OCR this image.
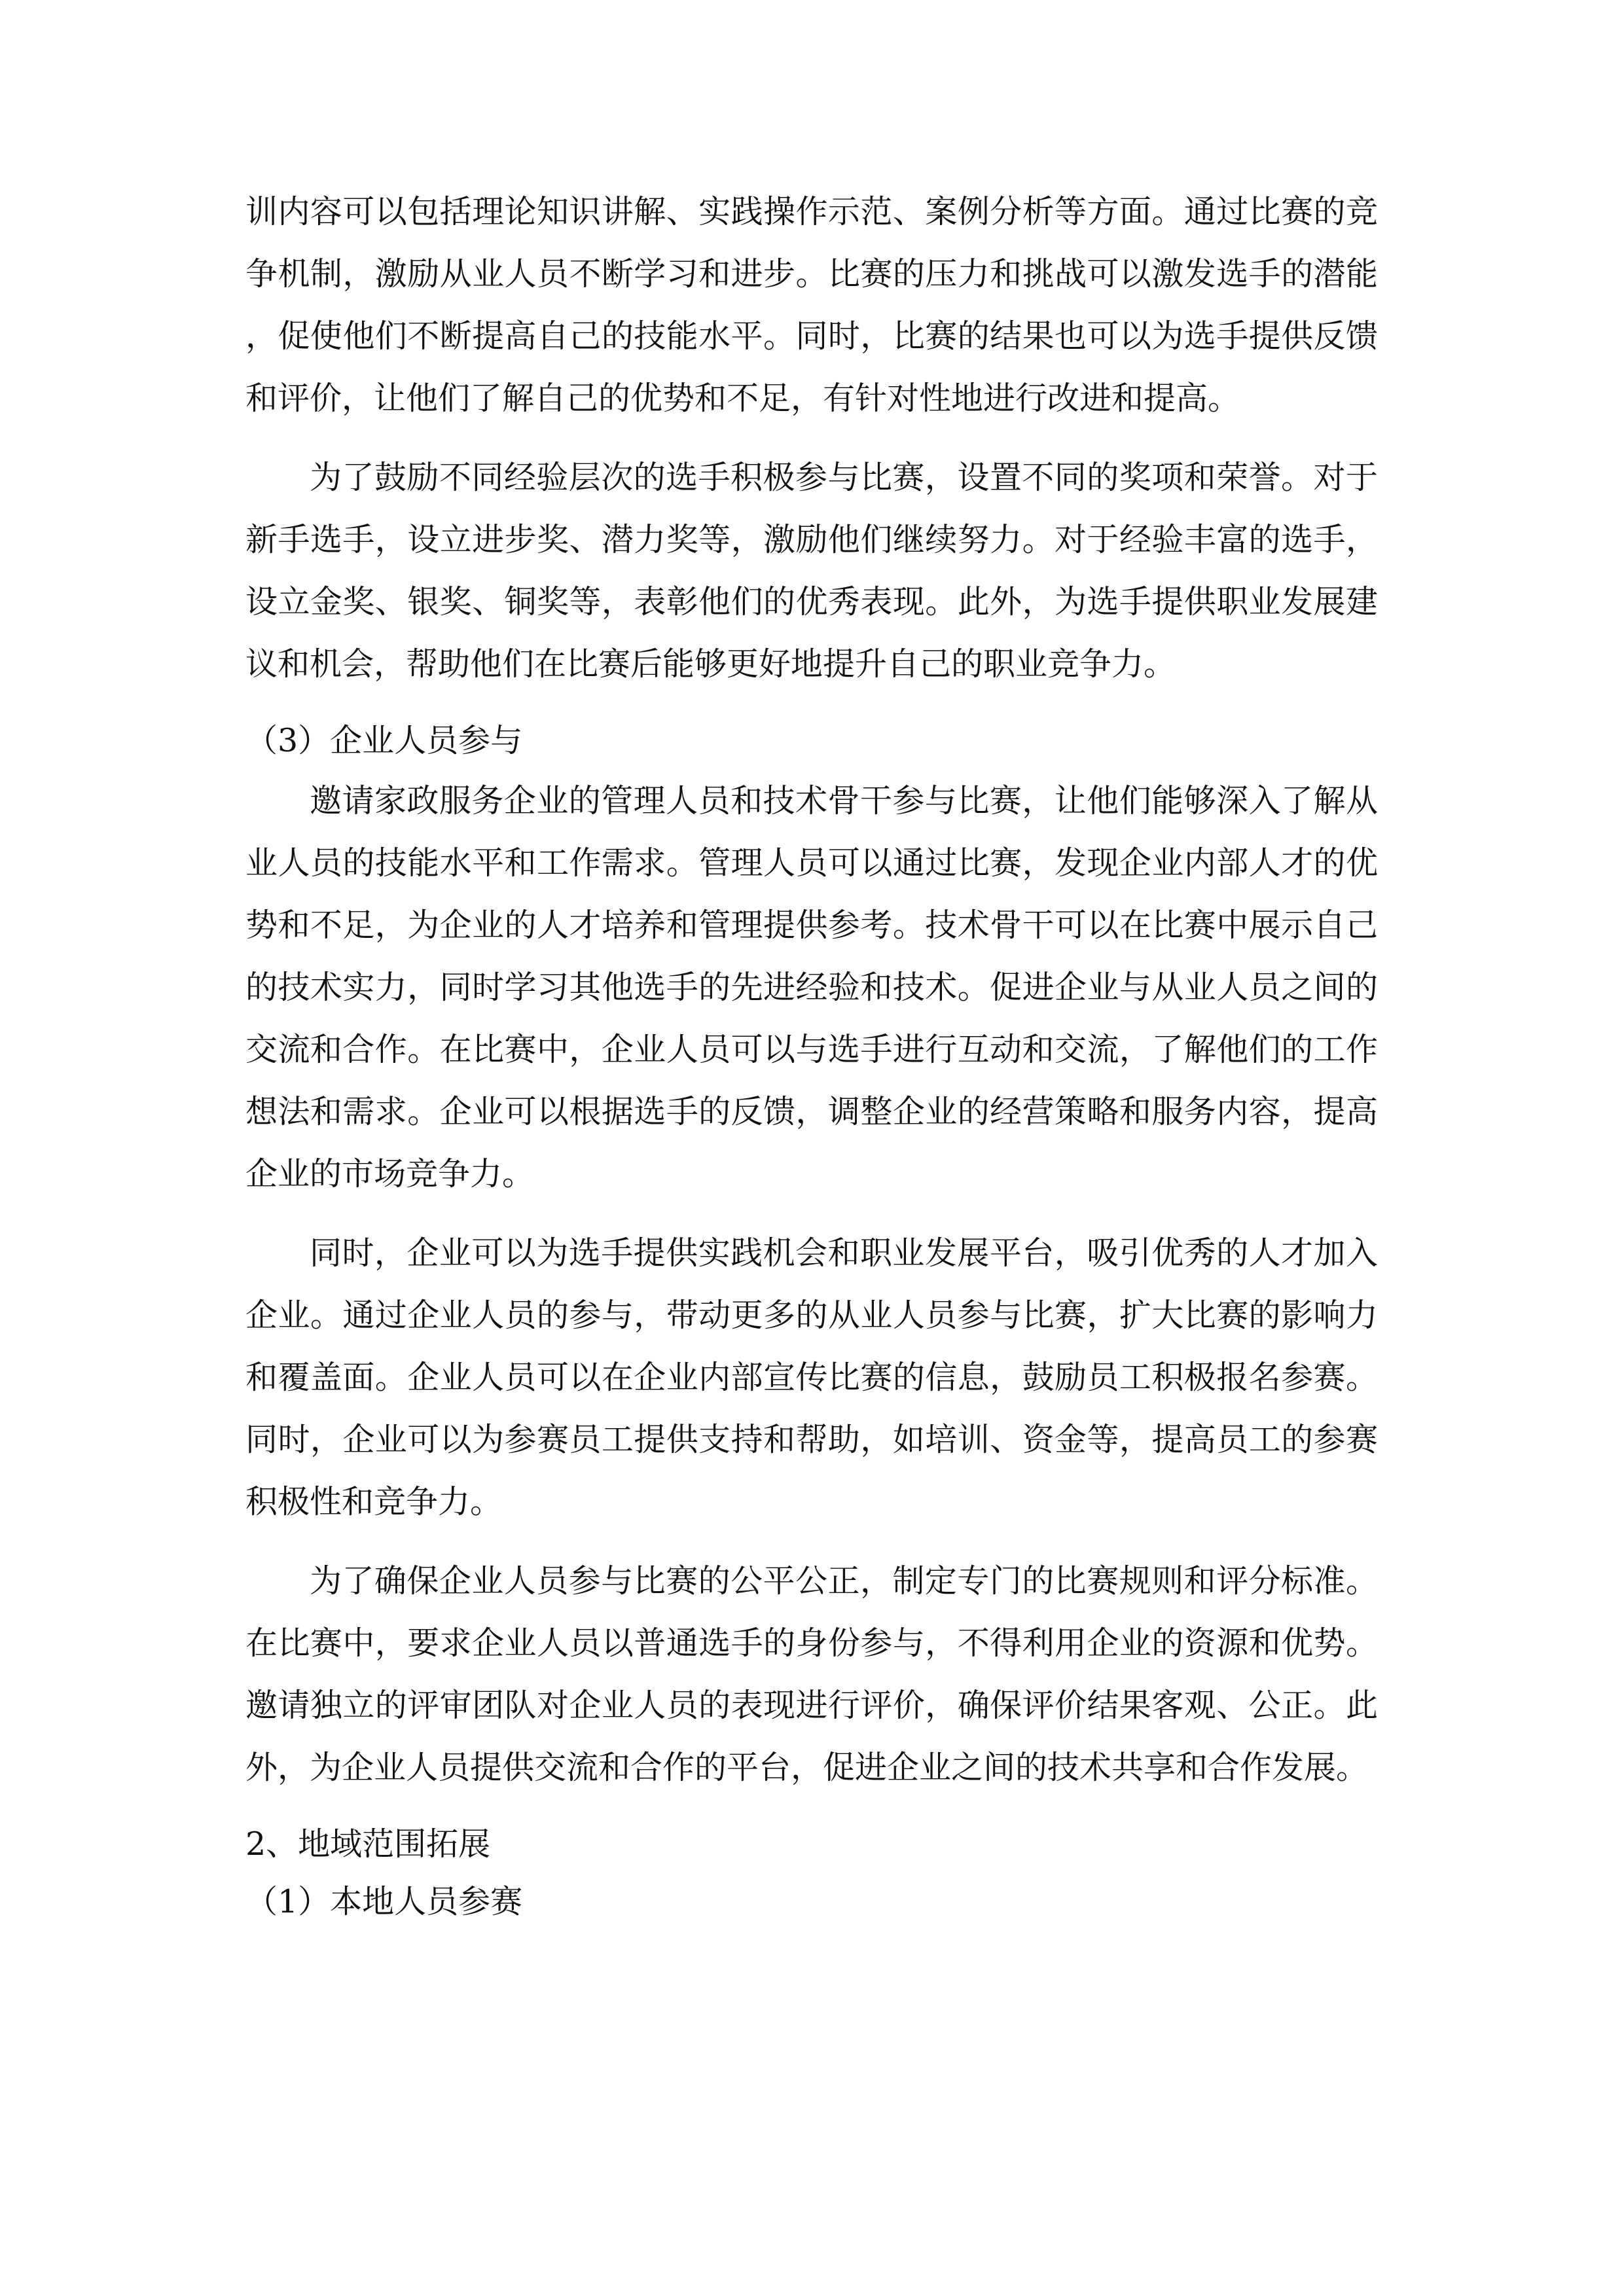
训内容可以包括理论知识讲解、实践操作示范、案例分析等方面。通过比赛的竞争机制，激励从业人员不断学习和进步。比赛的压力和挑战可以激发选手的潜能，促使他们不断提高自己的技能水平。同时，比赛的结果也可以为选手提供反馈和评价，让他们了解自己的优势和不足，有针对性地进行改进和提高。

为了鼓励不同经验层次的选手积极参与比赛，设置不同的奖项和荣誉。对于新手选手，设立进步奖、潜力奖等，激励他们继续努力。对于经验丰富的选手，设立金奖、银奖、铜奖等，表彰他们的优秀表现。此外，为选手提供职业发展建议和机会，帮助他们在比赛后能够更好地提升自己的职业竞争力。

（3）企业人员参与

邀请家政服务企业的管理人员和技术骨干参与比赛，让他们能够深入了解从业人员的技能水平和工作需求。管理人员可以通过比赛，发现企业内部人才的优势和不足，为企业的人才培养和管理提供参考。技术骨干可以在比赛中展示自己的技术实力，同时学习其他选手的先进经验和技术。促进企业与从业人员之间的交流和合作。在比赛中，企业人员可以与选手进行互动和交流，了解他们的工作想法和需求。企业可以根据选手的反馈，调整企业的经营策略和服务内容，提高企业的市场竞争力。

同时，企业可以为选手提供实践机会和职业发展平台，吸引优秀的人才加入企业。通过企业人员的参与，带动更多的从业人员参与比赛，扩大比赛的影响力和覆盖面。企业人员可以在企业内部宣传比赛的信息，鼓励员工积极报名参赛。同时，企业可以为参赛员工提供支持和帮助，如培训、资金等，提高员工的参赛积极性和竞争力。

为了确保企业人员参与比赛的公平公正，制定专门的比赛规则和评分标准。在比赛中，要求企业人员以普通选手的身份参与，不得利用企业的资源和优势。邀请独立的评审团队对企业人员的表现进行评价，确保评价结果客观、公正。此外，为企业人员提供交流和合作的平台，促进企业之间的技术共享和合作发展。

2、地域范围拓展

（1）本地人员参赛
